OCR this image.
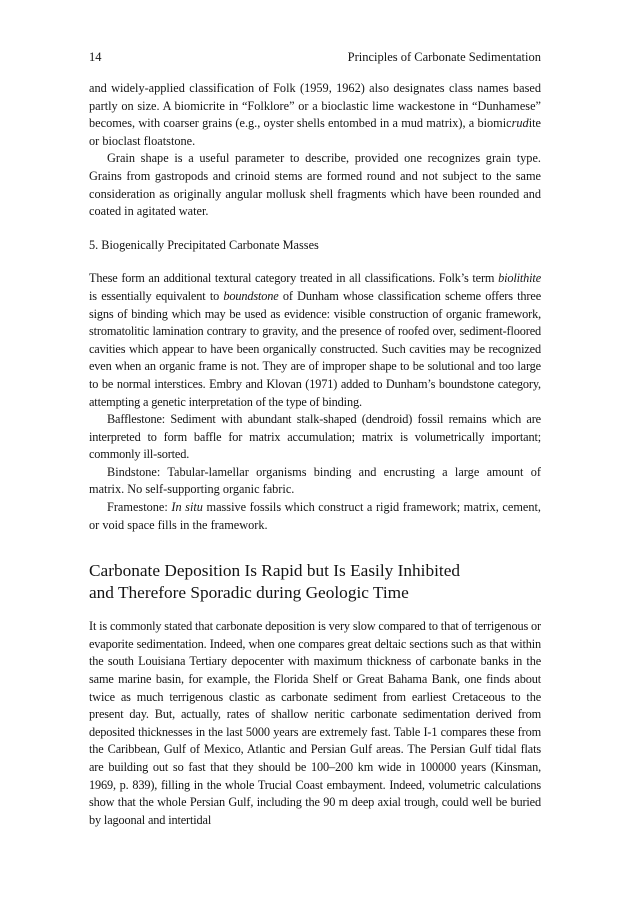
14	Principles of Carbonate Sedimentation

and widely-applied classification of Folk (1959, 1962) also designates class names based partly on size. A biomicrite in “Folklore” or a bioclastic lime wackestone in “Dunhamese” becomes, with coarser grains (e.g., oyster shells entombed in a mud matrix), a biomicrudite or bioclast floatstone.

Grain shape is a useful parameter to describe, provided one recognizes grain type. Grains from gastropods and crinoid stems are formed round and not subject to the same consideration as originally angular mollusk shell fragments which have been rounded and coated in agitated water.

5. Biogenically Precipitated Carbonate Masses

These form an additional textural category treated in all classifications. Folk’s term biolithite is essentially equivalent to boundstone of Dunham whose classification scheme offers three signs of binding which may be used as evidence: visible construction of organic framework, stromatolitic lamination contrary to gravity, and the presence of roofed over, sediment-floored cavities which appear to have been organically constructed. Such cavities may be recognized even when an organic frame is not. They are of improper shape to be solutional and too large to be normal interstices. Embry and Klovan (1971) added to Dunham’s boundstone category, attempting a genetic interpretation of the type of binding.

Bafflestone: Sediment with abundant stalk-shaped (dendroid) fossil remains which are interpreted to form baffle for matrix accumulation; matrix is volumetrically important; commonly ill-sorted.

Bindstone: Tabular-lamellar organisms binding and encrusting a large amount of matrix. No self-supporting organic fabric.

Framestone: In situ massive fossils which construct a rigid framework; matrix, cement, or void space fills in the framework.

Carbonate Deposition Is Rapid but Is Easily Inhibited
and Therefore Sporadic during Geologic Time

It is commonly stated that carbonate deposition is very slow compared to that of terrigenous or evaporite sedimentation. Indeed, when one compares great deltaic sections such as that within the south Louisiana Tertiary depocenter with maximum thickness of carbonate banks in the same marine basin, for example, the Florida Shelf or Great Bahama Bank, one finds about twice as much terrigenous clastic as carbonate sediment from earliest Cretaceous to the present day. But, actually, rates of shallow neritic carbonate sedimentation derived from deposited thicknesses in the last 5000 years are extremely fast. Table I-1 compares these from the Caribbean, Gulf of Mexico, Atlantic and Persian Gulf areas. The Persian Gulf tidal flats are building out so fast that they should be 100–200 km wide in 100000 years (Kinsman, 1969, p. 839), filling in the whole Trucial Coast embayment. Indeed, volumetric calculations show that the whole Persian Gulf, including the 90 m deep axial trough, could well be buried by lagoonal and intertidal
